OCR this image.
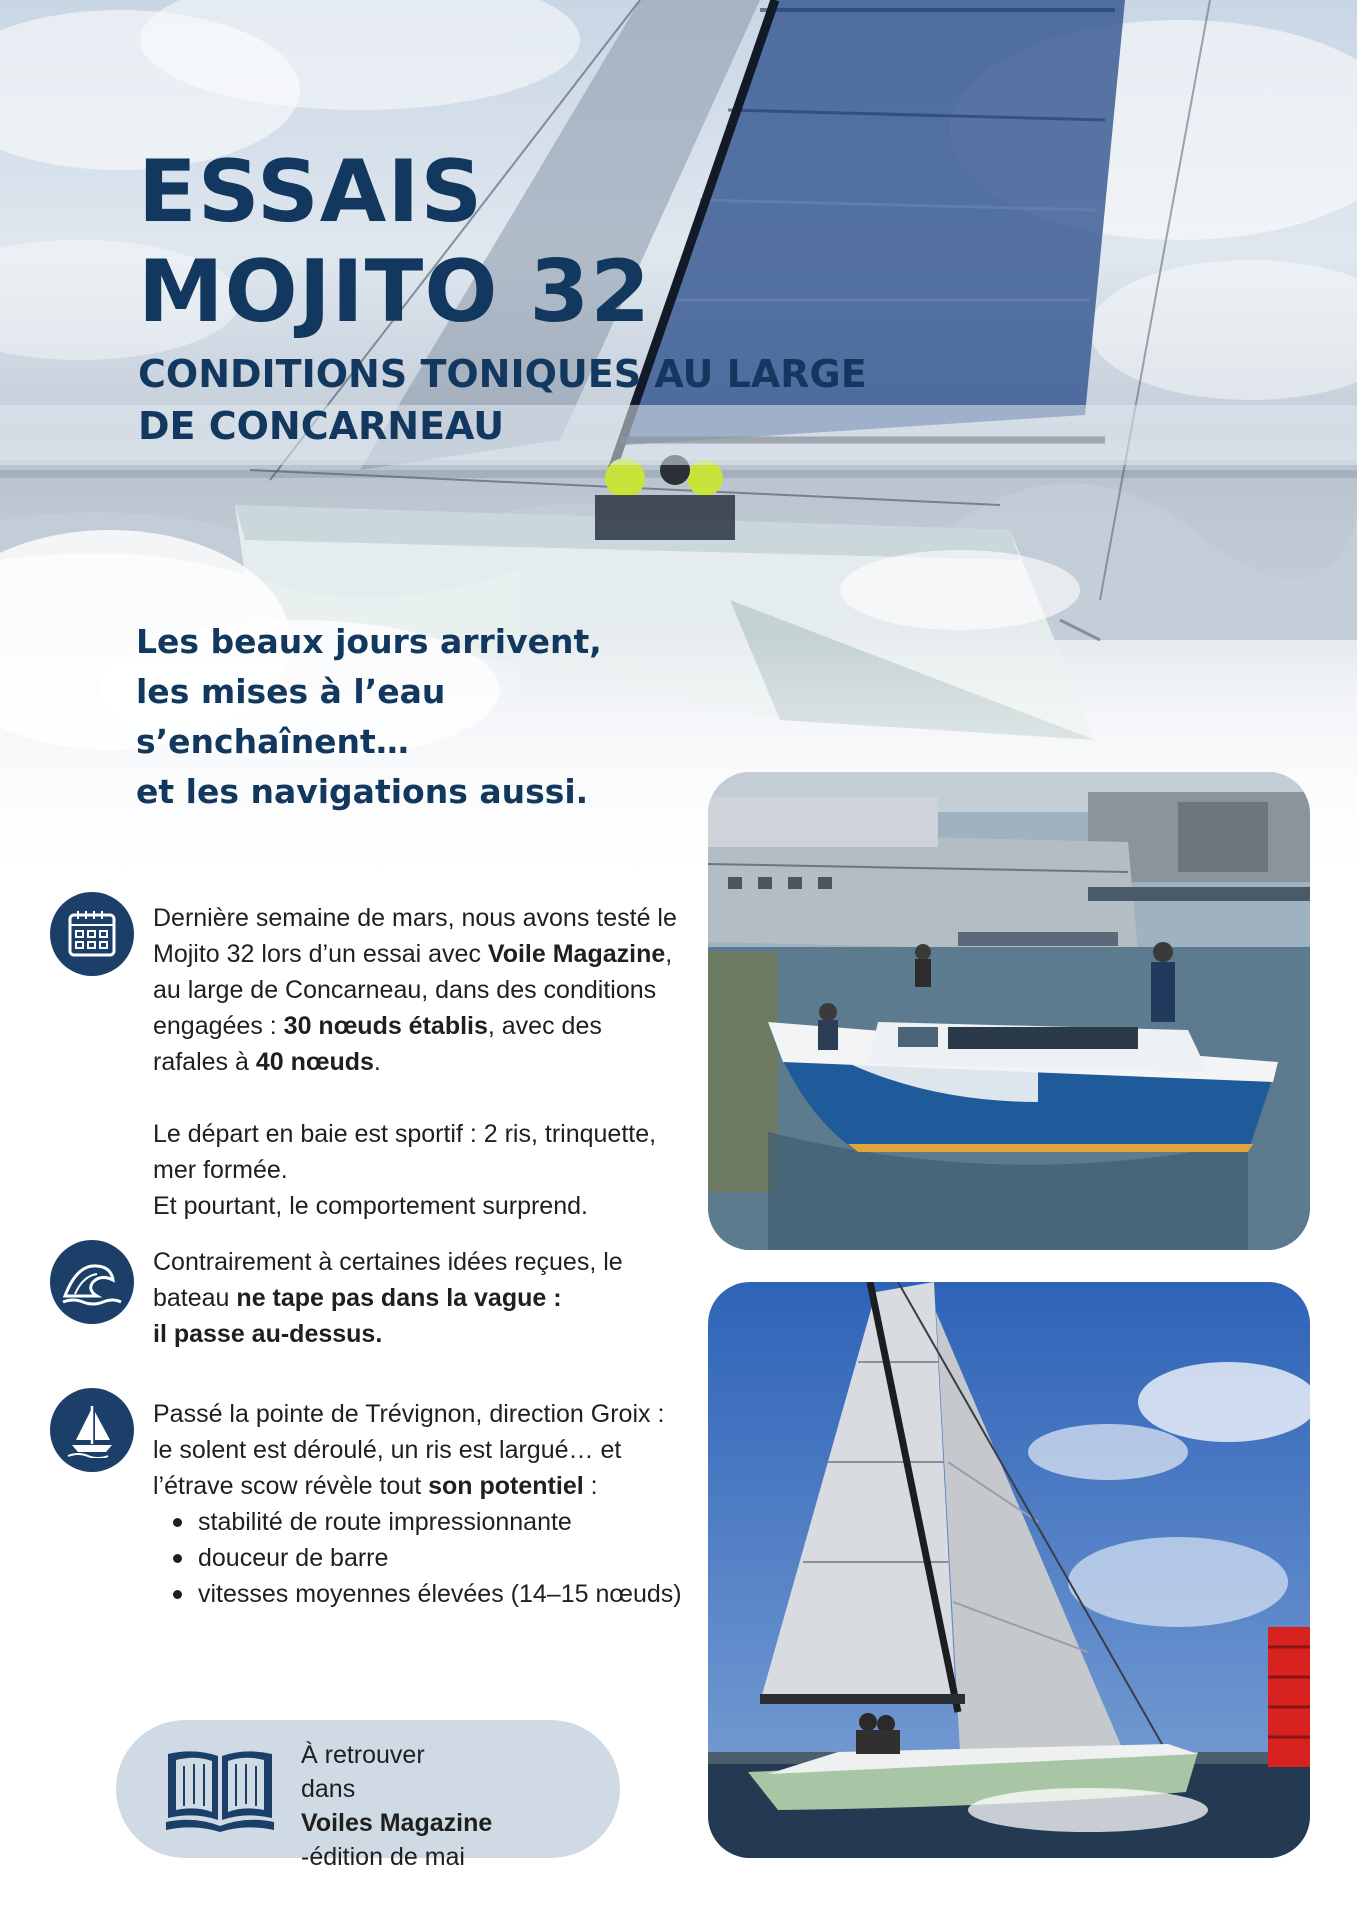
ESSAIS
MOJITO 32
CONDITIONS TONIQUES AU LARGE
DE CONCARNEAU

Les beaux jours arrivent,
les mises à l’eau
s’enchaînent…
et les navigations aussi.

Dernière semaine de mars, nous avons testé le Mojito 32 lors d’un essai avec Voile Magazine, au large de Concarneau, dans des conditions engagées : 30 nœuds établis, avec des rafales à 40 nœuds.

Le départ en baie est sportif : 2 ris, trinquette, mer formée.
Et pourtant, le comportement surprend.

Contrairement à certaines idées reçues, le bateau ne tape pas dans la vague :
il passe au-dessus.

Passé la pointe de Trévignon, direction Groix : le solent est déroulé, un ris est largué… et l’étrave scow révèle tout son potentiel :

stabilité de route impressionnante
douceur de barre
vitesses moyennes élevées (14–15 nœuds)
À retrouver
dans
Voiles Magazine
-édition de mai
